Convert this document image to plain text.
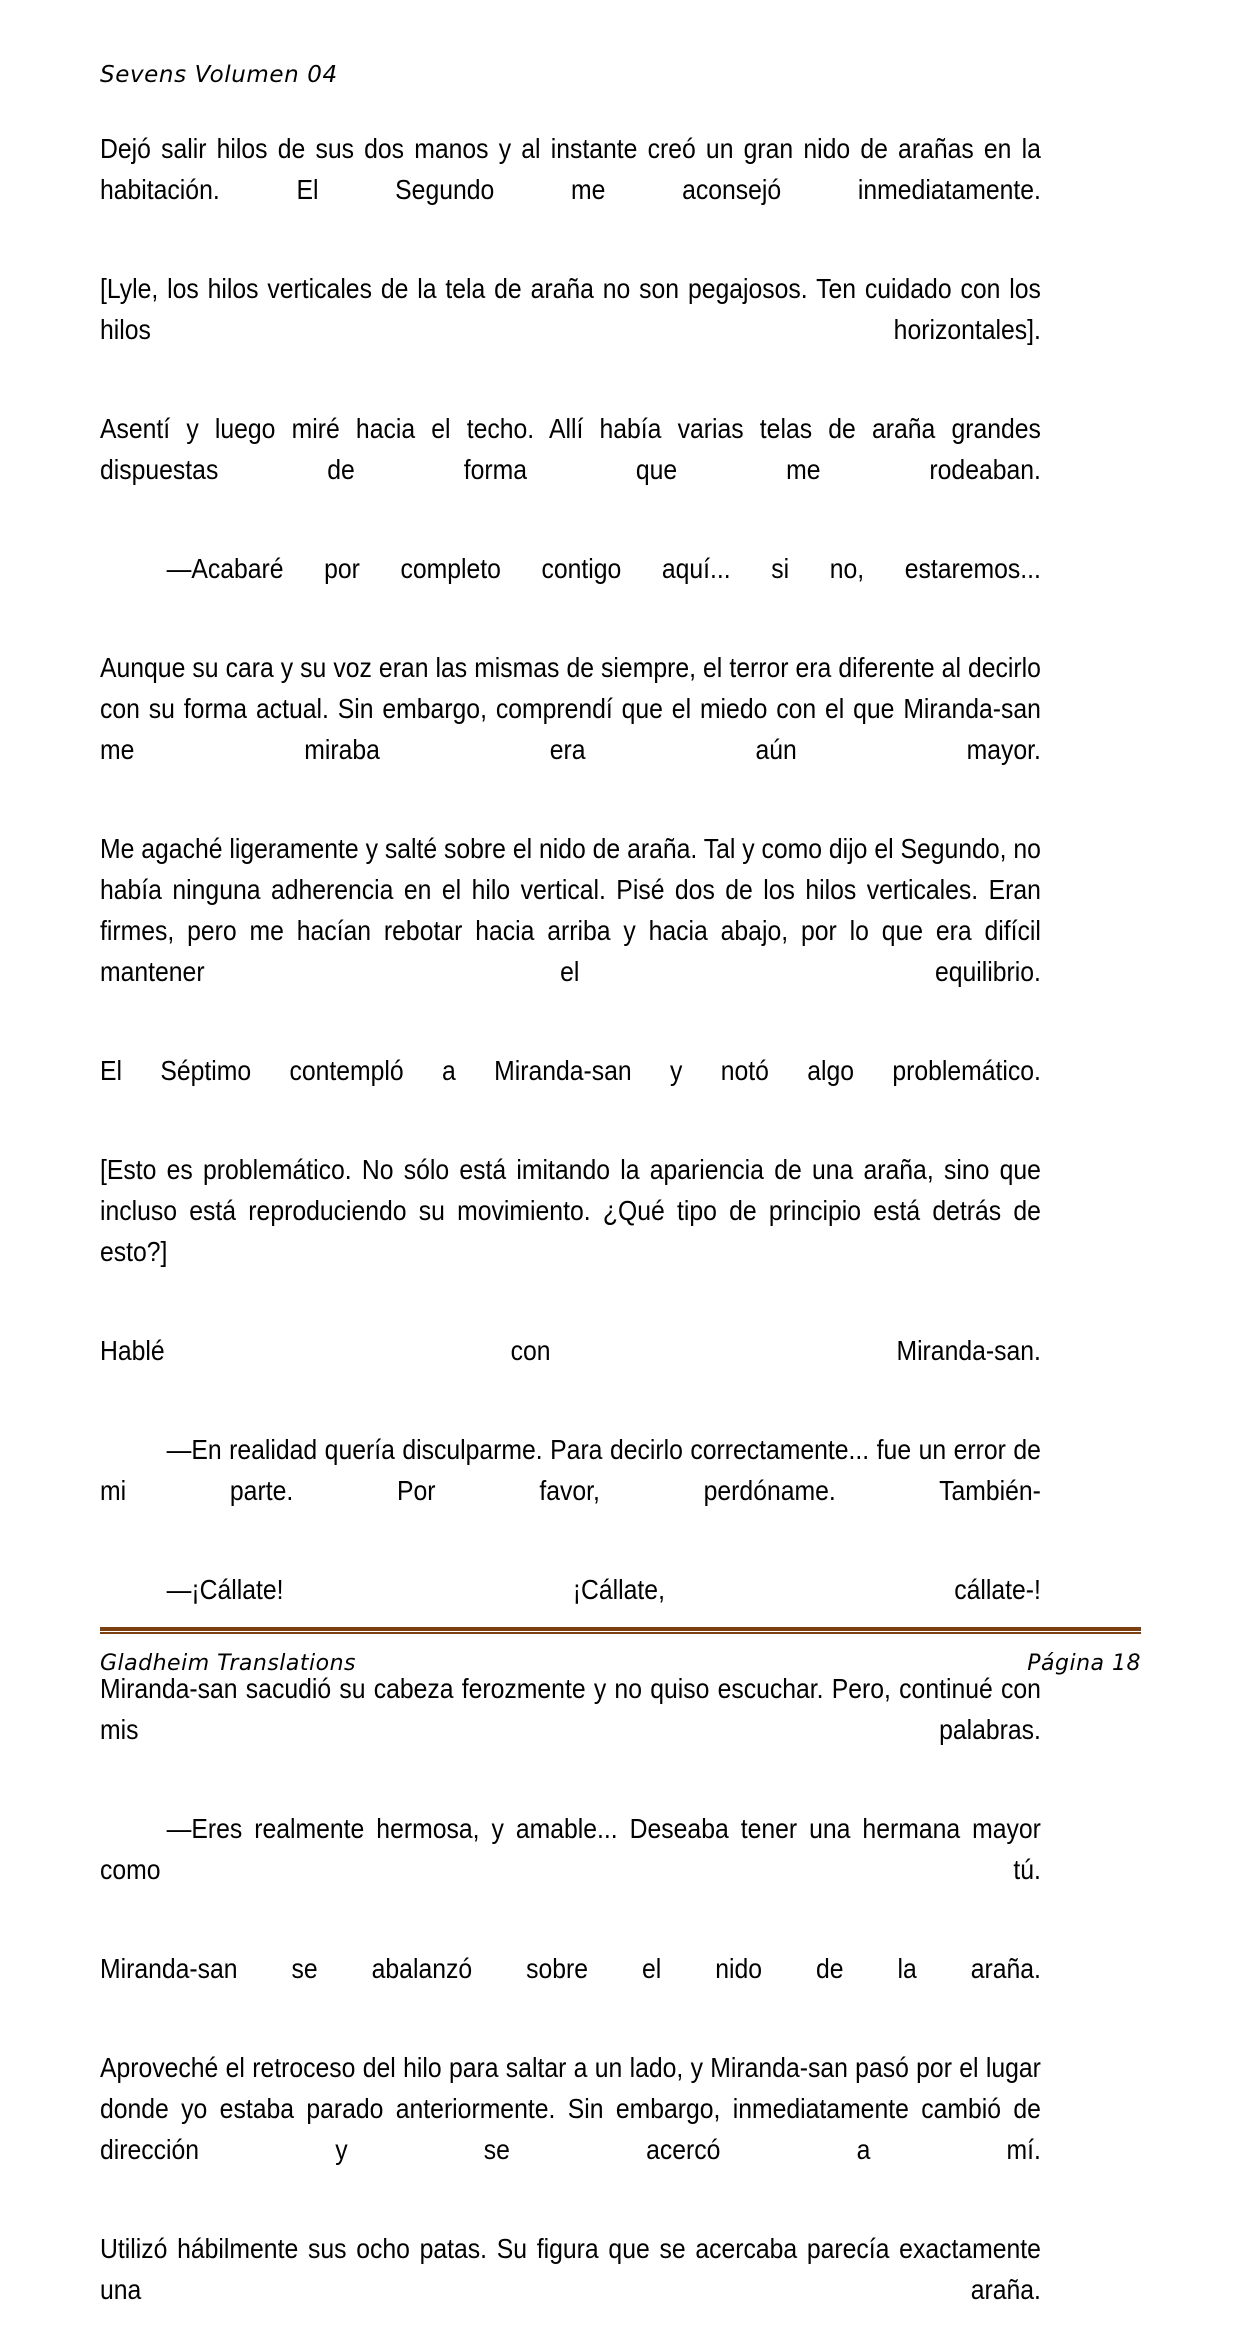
Sevens Volumen 04

Dejó salir hilos de sus dos manos y al instante creó un gran nido de arañas en la habitación. El Segundo me aconsejó inmediatamente.

[Lyle, los hilos verticales de la tela de araña no son pegajosos. Ten cuidado con los hilos horizontales].

Asentí y luego miré hacia el techo. Allí había varias telas de araña grandes dispuestas de forma que me rodeaban.

—Acabaré por completo contigo aquí... si no, estaremos...

Aunque su cara y su voz eran las mismas de siempre, el terror era diferente al decirlo con su forma actual. Sin embargo, comprendí que el miedo con el que Miranda-san me miraba era aún mayor.

Me agaché ligeramente y salté sobre el nido de araña. Tal y como dijo el Segundo, no había ninguna adherencia en el hilo vertical. Pisé dos de los hilos verticales. Eran firmes, pero me hacían rebotar hacia arriba y hacia abajo, por lo que era difícil mantener el equilibrio.

El Séptimo contempló a Miranda-san y notó algo problemático.

[Esto es problemático. No sólo está imitando la apariencia de una araña, sino que incluso está reproduciendo su movimiento. ¿Qué tipo de principio está detrás de esto?]

Hablé con Miranda-san.

—En realidad quería disculparme. Para decirlo correctamente... fue un error de mi parte. Por favor, perdóname. También-

—¡Cállate! ¡Cállate, cállate-!

Miranda-san sacudió su cabeza ferozmente y no quiso escuchar. Pero, continué con mis palabras.

—Eres realmente hermosa, y amable... Deseaba tener una hermana mayor como tú.

Miranda-san se abalanzó sobre el nido de la araña.

Aproveché el retroceso del hilo para saltar a un lado, y Miranda-san pasó por el lugar donde yo estaba parado anteriormente. Sin embargo, inmediatamente cambió de dirección y se acercó a mí.

Utilizó hábilmente sus ocho patas. Su figura que se acercaba parecía exactamente una araña.

Gladheim Translations	Página 18
